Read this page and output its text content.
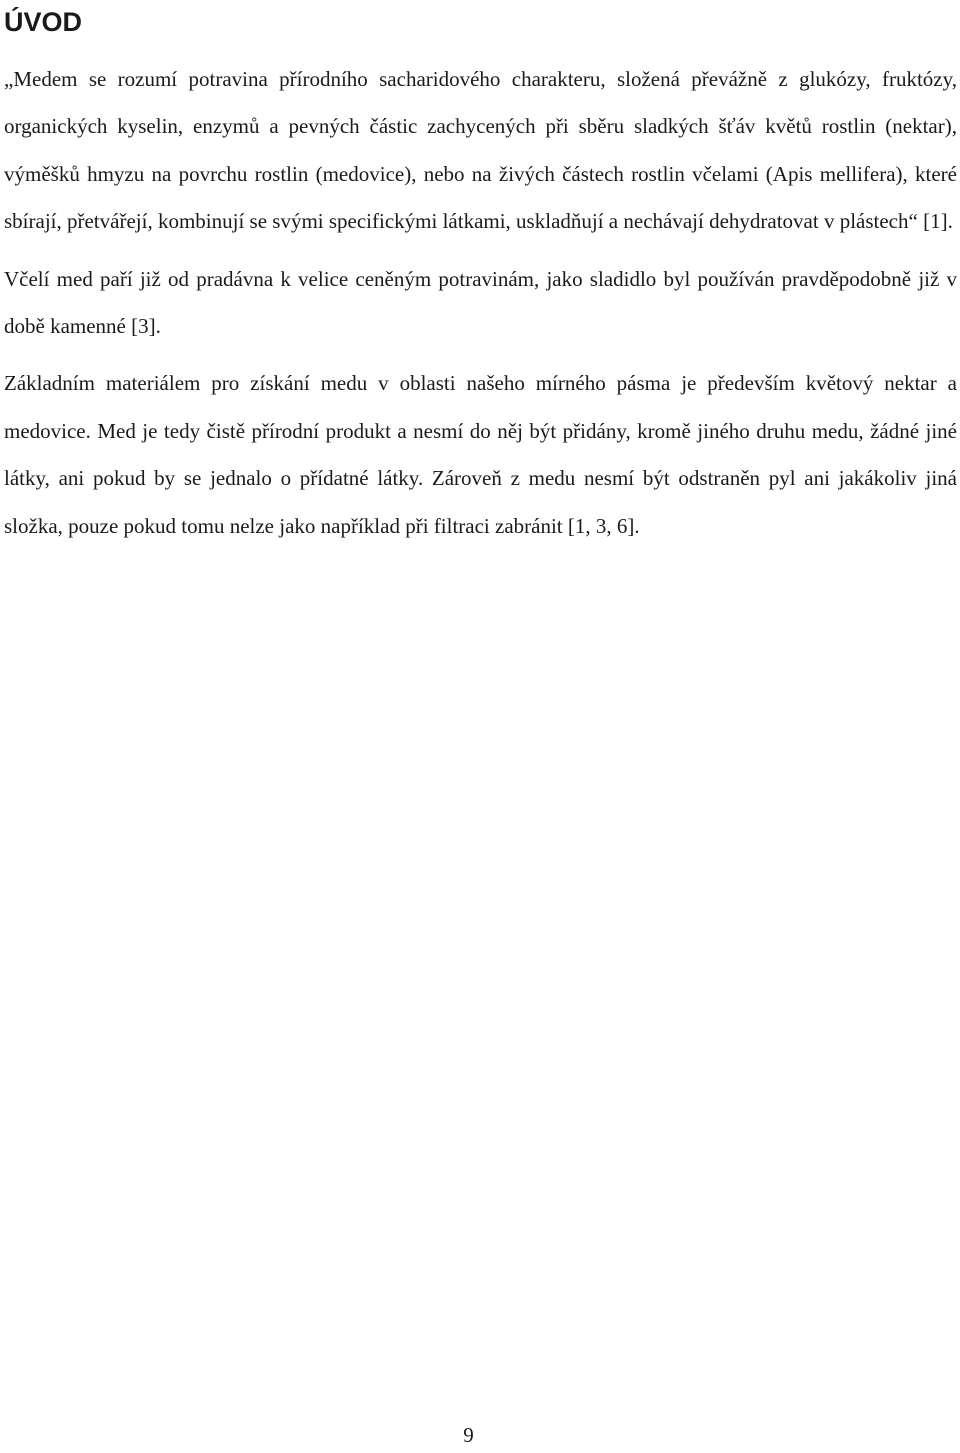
ÚVOD

„Medem se rozumí potravina přírodního sacharidového charakteru, složená převážně z glukózy, fruktózy, organických kyselin, enzymů a pevných částic zachycených při sběru sladkých šťáv květů rostlin (nektar), výměšků hmyzu na povrchu rostlin (medovice), nebo na živých částech rostlin včelami (Apis mellifera), které sbírají, přetvářejí, kombinují se svými specifickými látkami, uskladňují a nechávají dehydratovat v plástech“ [1].

Včelí med paří již od pradávna k velice ceněným potravinám, jako sladidlo byl používán pravděpodobně již v době kamenné [3].

Základním materiálem pro získání medu v oblasti našeho mírného pásma je především květový nektar a medovice. Med je tedy čistě přírodní produkt a nesmí do něj být přidány, kromě jiného druhu medu, žádné jiné látky, ani pokud by se jednalo o přídatné látky. Zároveň z medu nesmí být odstraněn pyl ani jakákoliv jiná složka, pouze pokud tomu nelze jako například při filtraci zabránit [1, 3, 6].

9
